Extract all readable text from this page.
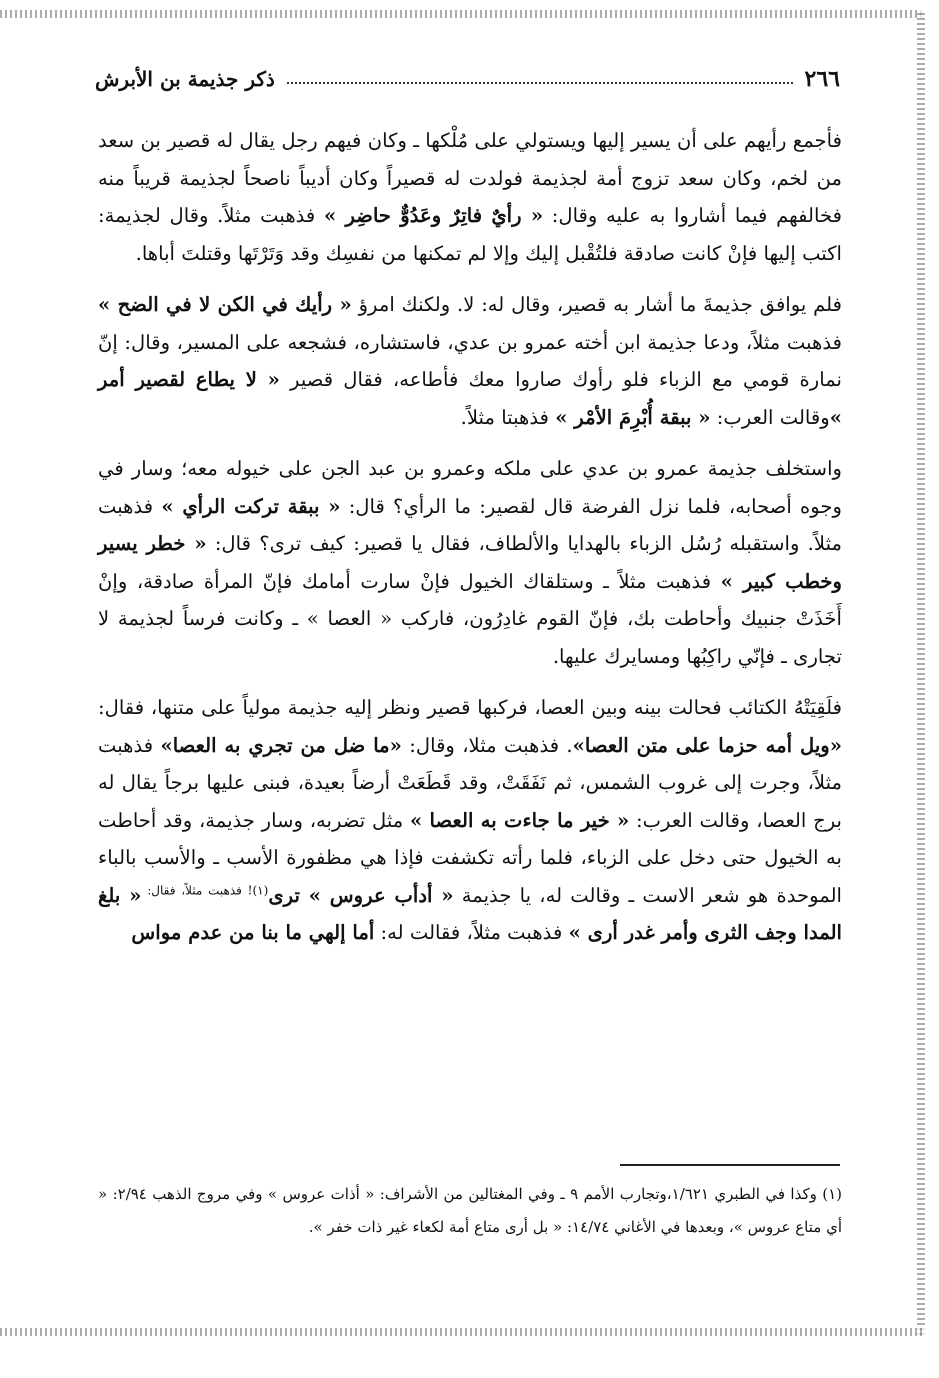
٢٦٦
ذكر جذيمة بن الأبرش

فأجمع رأيهم على أن يسير إليها ويستولي على مُلْكها ـ وكان فيهم رجل يقال له قصير بن سعد من لخم، وكان سعد تزوج أمة لجذيمة فولدت له قصيراً وكان أديباً ناصحاً لجذيمة قريباً منه فخالفهم فيما أشاروا به عليه وقال: « رأيٌ فاتِرٌ وعَدُوٌّ حاضِر » فذهبت مثلاً. وقال لجذيمة: اكتب إليها فإنْ كانت صادقة فلتُقْبل إليك وإلا لم تمكنها من نفسِك وقد وَتَرْتَها وقتلتَ أباها.

فلم يوافق جذيمةَ ما أشار به قصير، وقال له: لا. ولكنك امرؤ « رأيك في الكن لا في الضح » فذهبت مثلاً، ودعا جذيمة ابن أخته عمرو بن عدي، فاستشاره، فشجعه على المسير، وقال: إنّ نمارة قومي مع الزباء فلو رأوك صاروا معك فأطاعه، فقال قصير « لا يطاع لقصير أمر »وقالت العرب: « ببقة أُبْرِمَ الأمْر » فذهبتا مثلاً.

واستخلف جذيمة عمرو بن عدي على ملكه وعمرو بن عبد الجن على خيوله معه؛ وسار في وجوه أصحابه، فلما نزل الفرضة قال لقصير: ما الرأي؟ قال: « ببقة تركت الرأي » فذهبت مثلاً. واستقبله رُسُل الزباء بالهدايا والألطاف، فقال يا قصير: كيف ترى؟ قال: « خطر يسير وخطب كبير » فذهبت مثلاً ـ وستلقاك الخيول فإنْ سارت أمامك فإنّ المرأة صادقة، وإنْ أَخَذَتْ جنبيك وأحاطت بك، فإنّ القوم غادِرُون، فاركب « العصا » ـ وكانت فرساً لجذيمة لا تجارى ـ فإنّي راكِبُها ومسايرك عليها.

فلَقِيَتْهُ الكتائب فحالت بينه وبين العصا، فركبها قصير ونظر إليه جذيمة مولياً على متنها، فقال: «ويل أمه حزما على متن العصا». فذهبت مثلا، وقال: «ما ضل من تجري به العصا» فذهبت مثلاً، وجرت إلى غروب الشمس، ثم نَفَقَتْ، وقد قَطَعَتْ أرضاً بعيدة، فبنى عليها برجاً يقال له برج العصا، وقالت العرب: « خير ما جاءت به العصا » مثل تضربه، وسار جذيمة، وقد أحاطت به الخيول حتى دخل على الزباء، فلما رأته تكشفت فإذا هي مظفورة الأسب ـ والأسب بالباء الموحدة هو شعر الاست ـ وقالت له، يا جذيمة « أدأب عروس » ترى$^{(١)! فذهبت مثلاً، فقال:}$ « بلغ المدا وجف الثرى وأمر غدر أرى » فذهبت مثلاً، فقالت له: أما إلهي ما بنا من عدم مواس

(١) وكذا في الطبري ١/٦٢١،وتجارب الأمم ٩ ـ وفي المغتالين من الأشراف: « أذات عروس » وفي مروج الذهب ٢/٩٤: « أي متاع عروس »، وبعدها في الأغاني ١٤/٧٤: « بل أرى متاع أمة لكعاء غير ذات خفر ».
